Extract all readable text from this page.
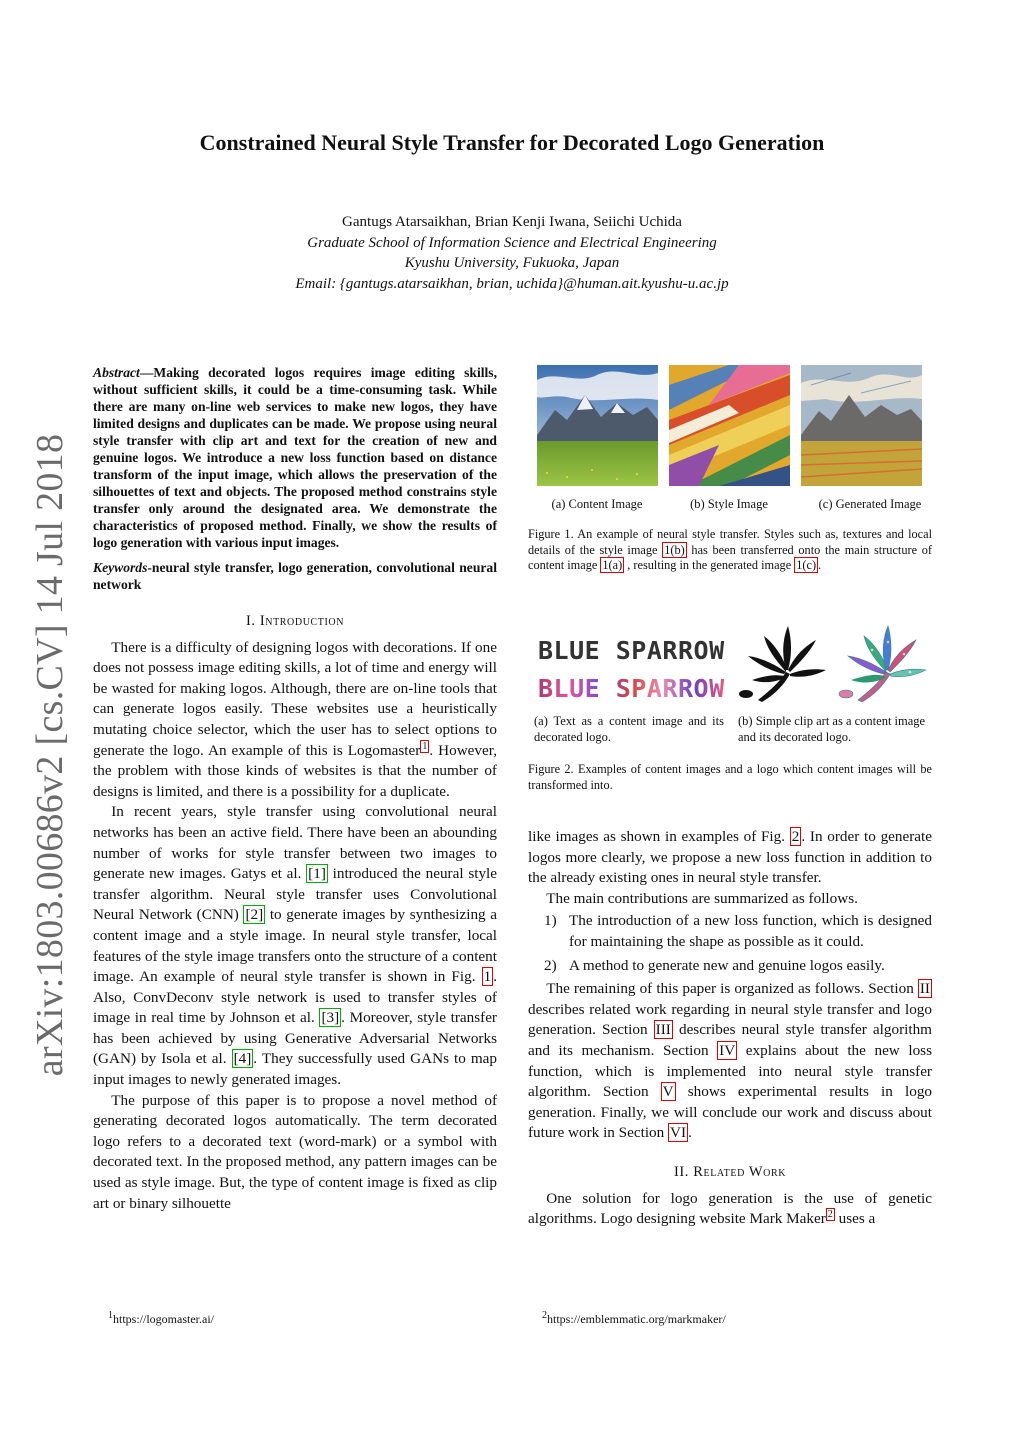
Constrained Neural Style Transfer for Decorated Logo Generation
Gantugs Atarsaikhan, Brian Kenji Iwana, Seiichi Uchida
Graduate School of Information Science and Electrical Engineering
Kyushu University, Fukuoka, Japan
Email: {gantugs.atarsaikhan, brian, uchida}@human.ait.kyushu-u.ac.jp
arXiv:1803.00686v2 [cs.CV] 14 Jul 2018
Abstract—Making decorated logos requires image editing skills, without sufficient skills, it could be a time-consuming task. While there are many on-line web services to make new logos, they have limited designs and duplicates can be made. We propose using neural style transfer with clip art and text for the creation of new and genuine logos. We introduce a new loss function based on distance transform of the input image, which allows the preservation of the silhouettes of text and objects. The proposed method constrains style transfer only around the designated area. We demonstrate the characteristics of proposed method. Finally, we show the results of logo generation with various input images.
Keywords-neural style transfer, logo generation, convolutional neural network
I. Introduction

There is a difficulty of designing logos with decorations. If one does not possess image editing skills, a lot of time and energy will be wasted for making logos. Although, there are on-line tools that can generate logos easily. These websites use a heuristically mutating choice selector, which the user has to select options to generate the logo. An example of this is Logomaster $^1$ . However, the problem with those kinds of websites is that the number of designs is limited, and there is a possibility for a duplicate.

In recent years, style transfer using convolutional neural networks has been an active field. There have been an abounding number of works for style transfer between two images to generate new images. Gatys et al. [1] introduced the neural style transfer algorithm. Neural style transfer uses Convolutional Neural Network (CNN) [2] to generate images by synthesizing a content image and a style image. In neural style transfer, local features of the style image transfers onto the structure of a content image. An example of neural style transfer is shown in Fig. 1 . Also, ConvDeconv style network is used to transfer styles of image in real time by Johnson et al. [3] . Moreover, style transfer has been achieved by using Generative Adversarial Networks (GAN) by Isola et al. [4] . They successfully used GANs to map input images to newly generated images.

The purpose of this paper is to propose a novel method of generating decorated logos automatically. The term decorated logo refers to a decorated text (word-mark) or a symbol with decorated text. In the proposed method, any pattern images can be used as style image. But, the type of content image is fixed as clip art or binary silhouette

(a) Content Image	(b) Style Image	(c) Generated Image
Figure 1. An example of neural style transfer. Styles such as, textures and local details of the style image 1(b) has been transferred onto the main structure of content image 1(a) , resulting in the generated image 1(c) .
BLUE SPARROW
BLUE SPARROW
(a) Text as a content image and its decorated logo.
(b) Simple clip art as a content image and its decorated logo.
Figure 2. Examples of content images and a logo which content images will be transformed into.

like images as shown in examples of Fig. 2 . In order to generate logos more clearly, we propose a new loss function in addition to the already existing ones in neural style transfer.

The main contributions are summarized as follows.

1) The introduction of a new loss function, which is designed for maintaining the shape as possible as it could.
2) A method to generate new and genuine logos easily.

The remaining of this paper is organized as follows. Section II describes related work regarding in neural style transfer and logo generation. Section III describes neural style transfer algorithm and its mechanism. Section IV explains about the new loss function, which is implemented into neural style transfer algorithm. Section V shows experimental results in logo generation. Finally, we will conclude our work and discuss about future work in Section VI .

II. Related Work

One solution for logo generation is the use of genetic algorithms. Logo designing website Mark Maker $^2$ uses a

$^1$https://logomaster.ai/	$^2$https://emblemmatic.org/markmaker/
